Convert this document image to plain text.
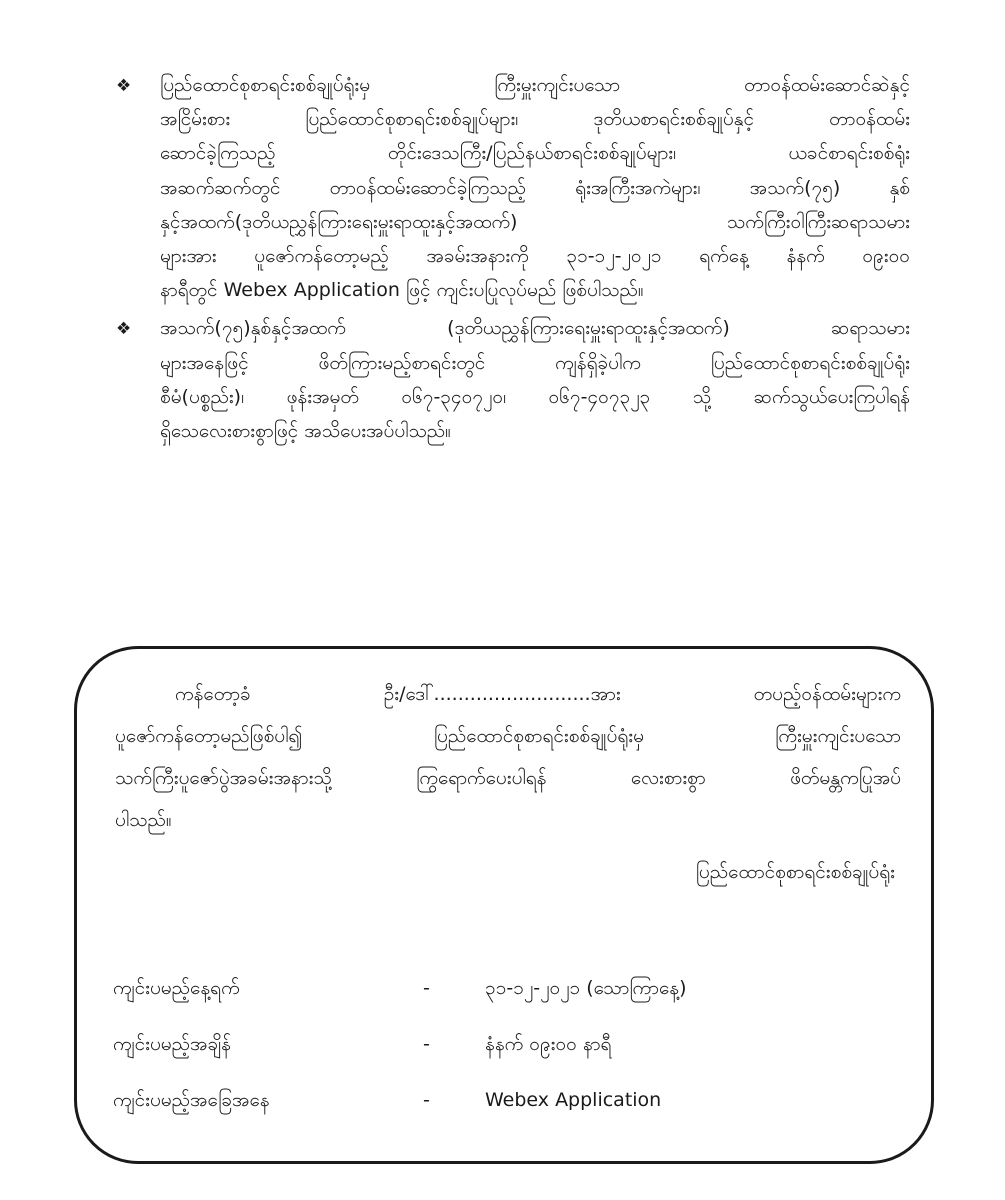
❖ ပြည်ထောင်စုစာရင်းစစ်ချုပ်ရုံးမှ ကြီးမှူးကျင်းပသော တာဝန်ထမ်းဆောင်ဆဲနှင့်
အငြိမ်းစား ပြည်ထောင်စုစာရင်းစစ်ချုပ်များ၊ ဒုတိယစာရင်းစစ်ချုပ်နှင့် တာဝန်ထမ်း
ဆောင်ခဲ့ကြသည့် တိုင်းဒေသကြီး/ပြည်နယ်စာရင်းစစ်ချုပ်များ၊ ယခင်စာရင်းစစ်ရုံး
အဆက်ဆက်တွင် တာဝန်ထမ်းဆောင်ခဲ့ကြသည့် ရုံးအကြီးအကဲများ၊ အသက်(၇၅) နှစ်
နှင့်အထက်(ဒုတိယညွှန်ကြားရေးမှူးရာထူးနှင့်အထက်) သက်ကြီးဝါကြီးဆရာသမား
များအား ပူဇော်ကန်တော့မည့် အခမ်းအနားကို ၃၁-၁၂-၂၀၂၁ ရက်နေ့ နံနက် ၀၉း၀၀
နာရီတွင် Webex Application ဖြင့် ကျင်းပပြုလုပ်မည် ဖြစ်ပါသည်။
❖ အသက်(၇၅)နှစ်နှင့်အထက် (ဒုတိယညွှန်ကြားရေးမှူးရာထူးနှင့်အထက်) ဆရာသမား
များအနေဖြင့် ဖိတ်ကြားမည့်စာရင်းတွင် ကျန်ရှိခဲ့ပါက ပြည်ထောင်စုစာရင်းစစ်ချုပ်ရုံး
စီမံ(ပစ္စည်း)၊ ဖုန်းအမှတ် ၀၆၇-၃၄၀၇၂၀၊ ၀၆၇-၄၀၇၃၂၃ သို့ ဆက်သွယ်ပေးကြပါရန်
ရှိသေလေးစားစွာဖြင့် အသိပေးအပ်ပါသည်။
ကန်တော့ခံ ဦး/ဒေါ်..........................အား တပည့်ဝန်ထမ်းများက
ပူဇော်ကန်တော့မည်ဖြစ်ပါ၍ ပြည်ထောင်စုစာရင်းစစ်ချုပ်ရုံးမှ ကြီးမှူးကျင်းပသော
သက်ကြီးပူဇော်ပွဲအခမ်းအနားသို့ ကြွရောက်ပေးပါရန် လေးစားစွာ ဖိတ်မန္တကပြုအပ်
ပါသည်။
ပြည်ထောင်စုစာရင်းစစ်ချုပ်ရုံး
ကျင်းပမည့်နေ့ရက်	-	၃၁-၁၂-၂၀၂၁ (သောကြာနေ့)
ကျင်းပမည့်အချိန်	-	နံနက် ၀၉း၀၀ နာရီ
ကျင်းပမည့်အခြေအနေ	-	Webex Application
